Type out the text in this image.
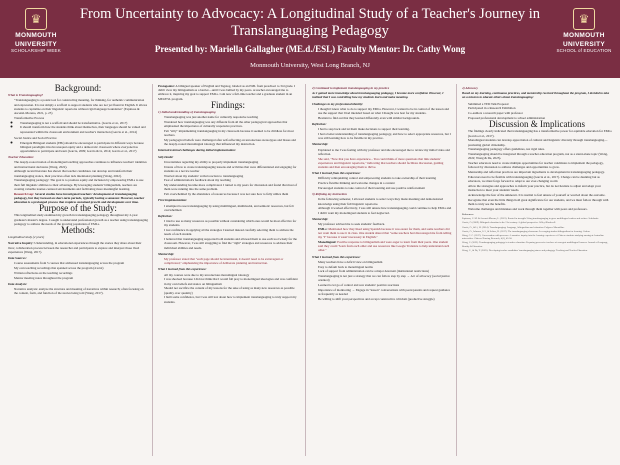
♛
MONMOUTH
UNIVERSITY
SCHOLARSHIP WEEK
From Uncertainty to Advocacy: A Longitudinal Study of a Teacher's Journey in Translanguaging Pedagogy
Presented by: Mariella Gallagher (ME.d./ESL) Faculty Mentor: Dr. Cathy Wong
Monmouth University, West Long Branch, NJ
♛
MONMOUTH
UNIVERSITY
SCHOOL of EDUCATION
Background:
What is Translanguaging?
• "Translanguaging is a potent tool for constructing meaning, for thinking, for authentic communication and expression. It is not simply a scaffold to support students who are not yet fluent in English. It allows students to capitalize on their linguistic repertoire without rigid language boundaries" (Espinosa & Ascenzi-Moreno, 2021, p. 25)
• Transformative Process
◦ Translanguaging is not a scaffold and should be transformative. (García et al., 2017)
◦ It should transform how the students think about themselves, their languages should be valued and represented within the classroom environment and teacher's instruction (García et al., 2014)
• Social Justice and Social Practice
◦ Emergent Bilingual students (EBs) should be encouraged to participate in different ways because bilingual paradigms involve unequal equity and a democratic classroom where everyone has opportunities to participate and learn (García, 2009; García & Li, 2014; García et al., 2017)
Teacher Education:
• The deeply-rooted notion of monolingual teaching approaches continues to influence teachers' identities and instructional decisions (Wong, 2022).
• Although recent literature has shown that teacher candidates can develop and transform their translanguaging stance, their practices often lack intentional planning (Wong, 2022).
• Translanguaging pedagogy: The goal is to promote equity and inclusion by empowering EMLs to use their full linguistic abilities to their advantage. By leveraging students' bilingualism, teachers are creating valuable learner-centered environments and facilitating more meaningful learning.
• Research Gap: Several studies have investigated teachers' development of translanguaging pedagogy, but they focused on short-term periods, typically lasting a semester. However, teacher education is a prolonged process that requires sustained growth and development over time.
Purpose of the Study:
• This longitudinal study examined my growth in translanguaging pedagogy throughout my 2-year graduate's master's degree. I sought to understand professional growth as a teacher using translanguaging pedagogy to address the needs of the growing population of EMLs.
Methods:

Longitudinal study (2 years)

Narrative Inquiry: Understanding, in educational experiences through the stories they share about their lives; collaboration process between the researcher and participants to explore and interpret those lived experiences (Wang, 2017).

Data Sources:
• Course assessments from 5 courses that addressed translanguaging across the program
• My own teaching recordings that spanned across the program (4 total)
• Written reflections on the teaching recordings
• Mentor meeting notes throughout the program
Data Analysis:
• Narrative analysis: analyze the structure and meaning of narratives within research; often focusing on the content, form, and function of the stories being told (Wang, 2017).

Protagonist: A bilingual speaker of English and Tagalog, labeled as an EML from preschool to 3rd grade. I didn't view my bilingualism as a barrier—until I was bullied by my peers. A teacher encouraged me to embrace it, inspiring my goal to support EMLs. I am now a full-time teacher and a graduate student in an MEd/ESL program.

Findings:
1) Initial understanding of translanguaging
• Translanguaging was just another name for culturally responsive teaching
• Wondered how translanguaging was any different from all the other pedagogical approaches that emphasized the importance of culturally responsive practices.
• Felt "silly" implementing translanguaging in my classroom because it seemed to be childless for most teachers.
• My pedagogical beliefs were challenged after self-reflecting on unconscious stereotypes and biases and the deeply-rooted monolingual ideology that influenced my instruction.
Internal/external challenges during initial implementation:
Self-Doubt:
• Uncertainties regarding my ability to properly implement translanguaging
• Unsure of how to create translanguaging lessons and activities that were differentiated and engaging for students as a novice teacher
• Worried about my students' verbal reaction to translanguaging
• Fear of administration's feedback about my teaching
• My understanding became more complicated. I turned to my peers for discussion and found that most of them were running into the same problem.
• Felt overwhelmed by the abundance of resources because I was not sure how to fully utilize them
First Implementation:
• I attempted to use translanguaging by using multilingual, multimodal, and semiotic resources, but felt overwhelmed.
Reflection:
• I tried to use as many resources as possible without considering which ones would be most effective for my students.
• I lost confidence in applying all the strategies I learned instead carefully selecting them to address the needs of each student.
• I believed that translanguaging supported both students and allowed them to use each tool wisely for the classroom. However, I was still struggling to find the "right" strategies and resources to address their individual abilities and needs.
Mentorship:
• My professor stated that "each page should be intentional, it doesn't need to be extravagant or complicated," emphasizing the importance of deliberate planning and instruction.
What I learned from this experience:
• All my courses were due to my unconscious monolingual ideology
• I was shocked because I did not think that I would fall prey to monolingual ideologies and was confident in my own beliefs and stance on bilingualism
• Should not sacrifice the content of my lessons for the sake of using as many new resources as possible (quality over quantity)
• I built some confidence, but I was still lost about how to implement translanguaging to truly support my students.
2) Continued to implement translanguaging in my practice

As I gained more knowledge about translanguaging pedagogy, I became more confident. However, I realized that I was controlling how my students learn and make meaning.

Challenges to my professional identity:
• I thought I knew what to do to support my EMLs. However, I wanted to be in control of the lesson and use the support that I had intended based on what I thought was best for my students.
• Hesitant to find out that they learned differently even with similar backgrounds.
Reflection:
• I had to step back and let them make decisions to support their learning.
• I had a better understanding of translanguaging pedagogy, and how to select appropriate resources, but I was still learning how to be flexible in my practice.
Mentorship:
• Explained to me I was feeling with my professor and she encouraged me to review my initial video and reflection.
• She said, "Now that you have experience... You could think of more questions that link students' experiences and linguistic repertoire," indicating that teachers should facilitate discussion, guiding students and then encouraging them to thrive.
What I learned from this experience:
• Difficulty relinquishing control and empowering students to take ownership of their learning
• Practice flexible thinking and welcome changes in a content
• Encouraged students to take control of their learning and use positive reinforcement
3) Refining my instruction
• In the following semester, I allowed students to select ways they made meaning and demonstrated knowledge using their full linguistic repertoire.
• Although it worked effectively, I was still unsure how translanguaging could continue to help EMLs and I didn't want my monolingual students to feel neglected.
Mentorship:
• My professor advised me to seek students' feedback.
• EMLs: Mentioned how they liked using Spanish because it was easier for them, and some teachers did not want them to use it in class. One student shared that "some teachers had discouraged me from telling my 'Y' because it wasn't necessary in English."
• Monolingual: Positive response to bilingualism and were eager to learn from their peers. One student said they could "learn from each other and use resources like Google Translate to help understand each other."
What I learned from this experience:
• Many teachers have a deficit view on bilingualism
• Easy to default back to monolingual norms
• Lack of support from administration can be a major deterrent (institutional restrictions)
• Translanguaging is not just a strategy that we can follow step by step → Act of advocacy (social justice oriented)
• Learned to let go of control and saw students' positive reactions
• Importance of monitoring → Engage in "lesson" conversations with peers/parents and request guidance as frequently as needed
• Be willing to shift your perspectives and accept constructive criticism (productive struggle)
4) Advocacy

Based on my learning, continuous practices, and mentorship received throughout the program, I decided to take on a mission to educate others about translanguaging:

• Submitted a TED Talk Proposal
• Participated in a Research Exhibition
• Co-authors a research paper with professor
• Proposed professional development to school administration
Discussion & Implications
• The findings clearly indicated that translanguaging has a transformative power for equitable education for EMLs (García et al., 2017).
• Monolingual students can develop appreciation of cultural and linguistic diversity through translanguaging—promoting global citizenship.
• Translanguaging pedagogy offers guidelines, not rigid rules.
• Translanguaging should be integrated through a teacher education program, not as a stand-alone topic (Wong, 2022; Wong & Da, 2025).
• Teacher educators need to create multiple opportunities for teacher candidates to implement the pedagogy, followed by discussion to address challenges and opportunities to grow.
• Mentorship and reflection practices are important ingredients to development in translanguaging pedagogy.
• Educators need to be flexible with translanguaging (García et al., 2017). Change can be daunting but as educators, we must forge forward to adapt to our ever-changing world.
• Allow the strategies and approaches to inform your practice, but do not hesitate to adjust and adapt your instruction to meet your students' needs.
• Acknowledge the fear of the unknown. It is normal to feel unsure of yourself or worried about the outcome.
• Recognize that even the little things hold great significance for our students, and we must follow through with them to truly see the benefits.
• Welcome challenges and mistakes and work through them together with peers and professors.

References:

Espinosa, C. M. & Ascenzi-Moreno, L. (2021). Rooted in strength: Using translanguaging to grow multilingual readers and writers. Scholastic.

García, O. (2009). Bilingual education in the 21st century: A global perspective. Wiley-Blackwell.

García, O., & Li, W. (2014). Translanguaging: Language, bilingualism and education. Palgrave Macmillan.

García, O., Johnson, S. I., & Seltzer, K. (2017). The translanguaging classroom: Leveraging student bilingualism for learning. Caslon.

Wang, C. C. (2017). Conversation with presence: A narrative inquiry into the learning experience of Chinese students studying nursing at Australian universities. Chinese Nursing Research, 4(1), 43-50.

Wong, C. (2022). Translanguaging pedagogy in teacher education: Preparing preservice teachers of emergent multilingual learners. Journal of Language, Identity & Education.

Wong, C., & Da, Y. (2025). Developing teacher candidates' translanguaging stance and pedagogy. Teaching and Teacher Education.
